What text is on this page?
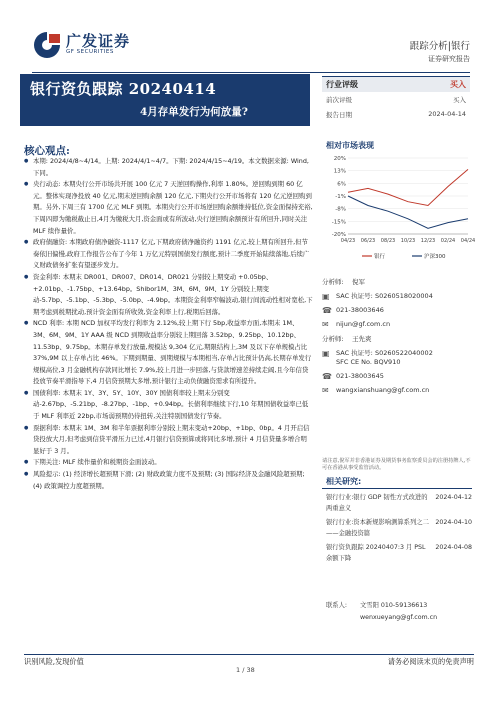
广发证券
GF SECURITIES	跟踪分析|银行
证券研究报告
银行资负跟踪 20240414
4月存单发行为何放量?
行业评级	买入
前次评级	买入
报告日期	2024-04-14
核心观点:
● 本期: 2024/4/8~4/14。上期: 2024/4/1~4/7。下期: 2024/4/15~4/19。本文数据来源: Wind,下同。
● 央行动态: 本期央行公开市场共开展 100 亿元 7 天逆回购操作,利率 1.80%。逆回购到期 60 亿元。整体实现净投放 40 亿元,期末逆回购余额 120 亿元,下期央行公开市场将有 120 亿元逆回购到期。另外,下周三有 1700 亿元 MLF 到期。本期央行公开市场逆回购余额维持低位,资金面保持充裕,下周四即为缴税截止日,4月为缴税大月,资金面或有所波动,央行逆回购余额预计有所回升,同时关注 MLF 续作量价。
● 政府债融资: 本期政府债净融资-1117 亿元,下期政府债净融资约 1191 亿元,较上期有所回升,但节奏依旧偏慢,政府工作报告公布了今年 1 万亿元特别国债发行额度,预计二季度开始陆续落地,后续广义财政债务扩张有望逐步发力。
● 资金利率: 本期末 DR001、DR007、DR014、DR021 分别较上期变动 +0.05bp、+2.01bp、-1.75bp、+13.64bp。Shibor1M、3M、6M、9M、1Y 分别较上期变动-5.7bp、-5.1bp、-5.3bp、-5.0bp、-4.9bp。本期资金利率窄幅波动,银行间流动性相对宽松,下期考虑到税期扰动,预计资金面有所收敛,资金利率上行,税期后回落。
● NCD 利率: 本期 NCD 加权平均发行利率为 2.12%,较上期下行 5bp,收益率方面,本期末 1M、3M、6M、9M、1Y AAA 级 NCD 到期收益率分别较上期回落 3.52bp、9.25bp、10.12bp、11.53bp、9.75bp。本期存单发行放量,规模达 9,304 亿元,期限结构上,3M 及以下存单规模占比 37%,9M 以上存单占比 46%。下期到期量、到期规模与本期相当,存单占比预计仍高,长期存单发行规模高位,3 月金融机构存款同比增长 7.9%,较上月进一步回落,与贷款增速差持续走阔,且今年信贷投放节奏平滑指导下,4 月信贷预期大多增,预计银行主动负债融资需求有所提升。
● 国债利率: 本期末 1Y、3Y、5Y、10Y、30Y 国债利率较上期末分别变动-2.67bp、-5.21bp、-8.27bp、-1bp、+0.94bp。长债利率继续下行,10 年期国债收益率已低于 MLF 利率近 22bp,市场弱预期仍待扭转,关注特别国债发行节奏。
● 票据利率: 本期末 1M、3M 和半年票据利率分别较上期末变动+20bp、+1bp、0bp。4 月开启信贷投放大月,但考虑到信贷平滑压力已过,4月银行信贷预算或将同比多增,预计 4 月信贷量多增合明显好于 3 月。
● 下期关注: MLF 续作量价和税期资金面波动。
● 风险提示: (1) 经济增长超预期下滑; (2) 财政政策力度不及预期; (3) 国际经济及金融风险超预期; (4) 政策调控力度超预期。
相对市场表现
20%
13%
6%
-1%
-8%
-15%
-20%
04/23 06/23 08/23 10/23 12/23 02/24 04/24
银行	沪深300
分析师:	倪军
▣ SAC 执证号: S0260518020004
☎ 021-38003646
✉	nijun@gf.com.cn
分析师:	王先爽
▣ SAC 执证号: S0260522040002
SFC CE No. BQV910
☎ 021-38003645
✉	wangxianshuang@gf.com.cn
请注意,倪军并非香港证券及期货事务监察委员会的注册持牌人,不可在香港从事受监管活动。
相关研究:
银行行业:银行 GDP 韧性方式改进的两重意义
2024-04-12
银行行业:资本新规影响测算系列之二——金融投资篇
2024-04-10
银行资负跟踪 20240407:3 月 PSL 余额下降
2024-04-08
联系人:	文雪阳 010-59136613
wenxueyang@gf.com.cn
识别风险,发现价值	请务必阅读末页的免责声明
1 / 38
